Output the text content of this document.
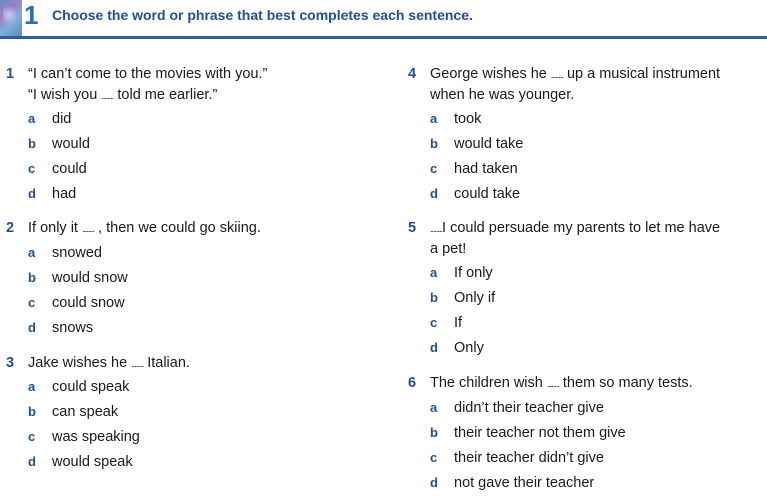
1 Choose the word or phrase that best completes each sentence.
1 “I can’t come to the movies with you.”
“I wish you ........ told me earlier.”
a did
b would
c could
d had
2 If only it ........ , then we could go skiing.
a snowed
b would snow
c could snow
d snows
3 Jake wishes he ........ Italian.
a could speak
b can speak
c was speaking
d would speak
4 George wishes he ........ up a musical instrument
when he was younger.
a took
b would take
c had taken
d could take
5 ........I could persuade my parents to let me have
a pet!
a If only
b Only if
c If
d Only
6 The children wish ........ them so many tests.
a didn’t their teacher give
b their teacher not them give
c their teacher didn’t give
d not gave their teacher
